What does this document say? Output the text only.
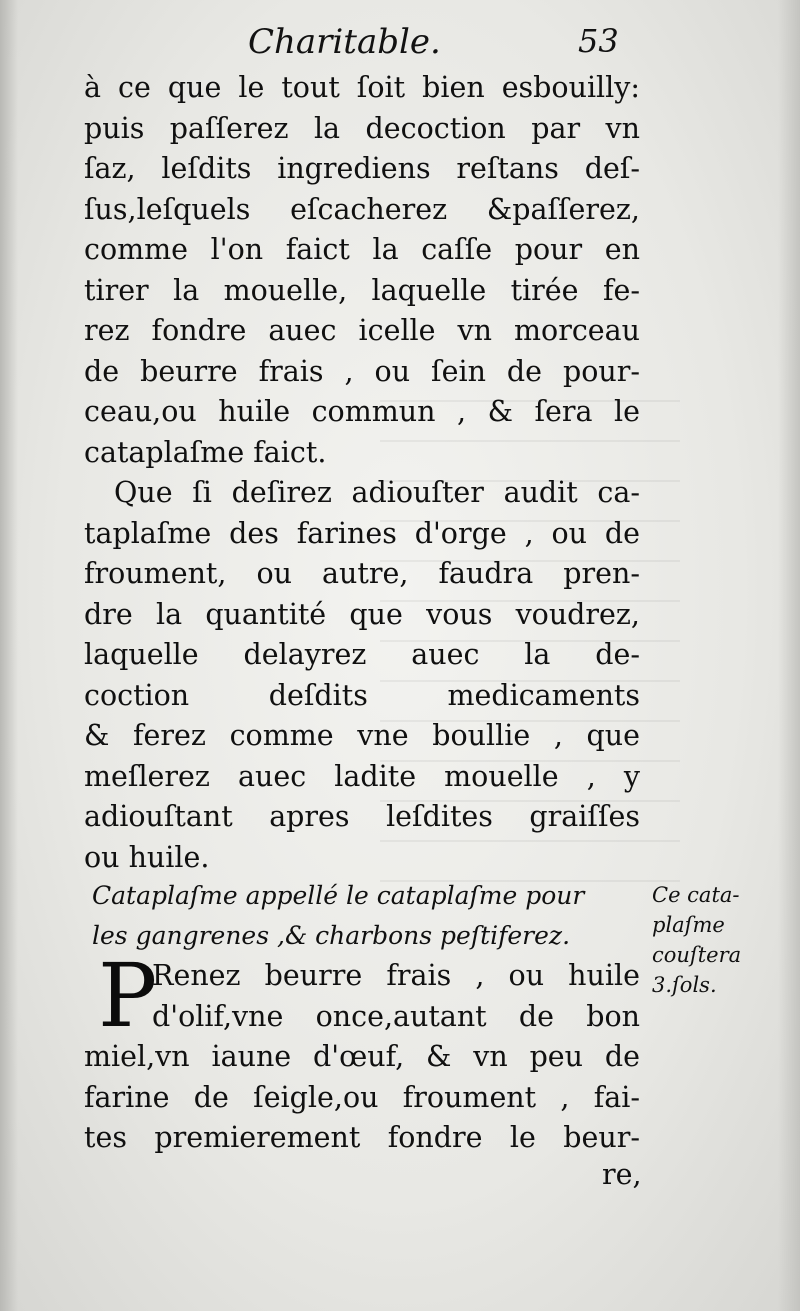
Charitable.	53
à ce que le tout ſoit bien esbouilly:
puis paſſerez la decoction par vn
ſaz, leſdits ingrediens reſtans deſ-
ſus,leſquels eſcacherez &paſſerez,
comme l'on faict la caſſe pour en
tirer la mouelle, laquelle tirée fe-
rez fondre auec icelle vn morceau
de beurre frais , ou ſein de pour-
ceau,ou huile commun , & ſera le
cataplaſme faict.
Que ſi deſirez adiouſter audit ca-
taplaſme des farines d'orge , ou de
froument, ou autre, faudra pren-
dre la quantité que vous voudrez,
laquelle delayrez auec la de-
coction deſdits medicaments
& ferez comme vne boullie , que
meſlerez auec ladite mouelle , y
adiouſtant apres leſdites graiſſes
ou huile.
Cataplaſme appellé le cataplaſme pour
les gangrenes ,& charbons peſtiferez.
Ce cata-
plaſme
couſtera
3.ſols.
P
Renez beurre frais , ou huile
d'olif,vne once,autant de bon
miel,vn iaune d'œuf, & vn peu de
farine de ſeigle,ou froument , fai-
tes premierement fondre le beur-
re,
